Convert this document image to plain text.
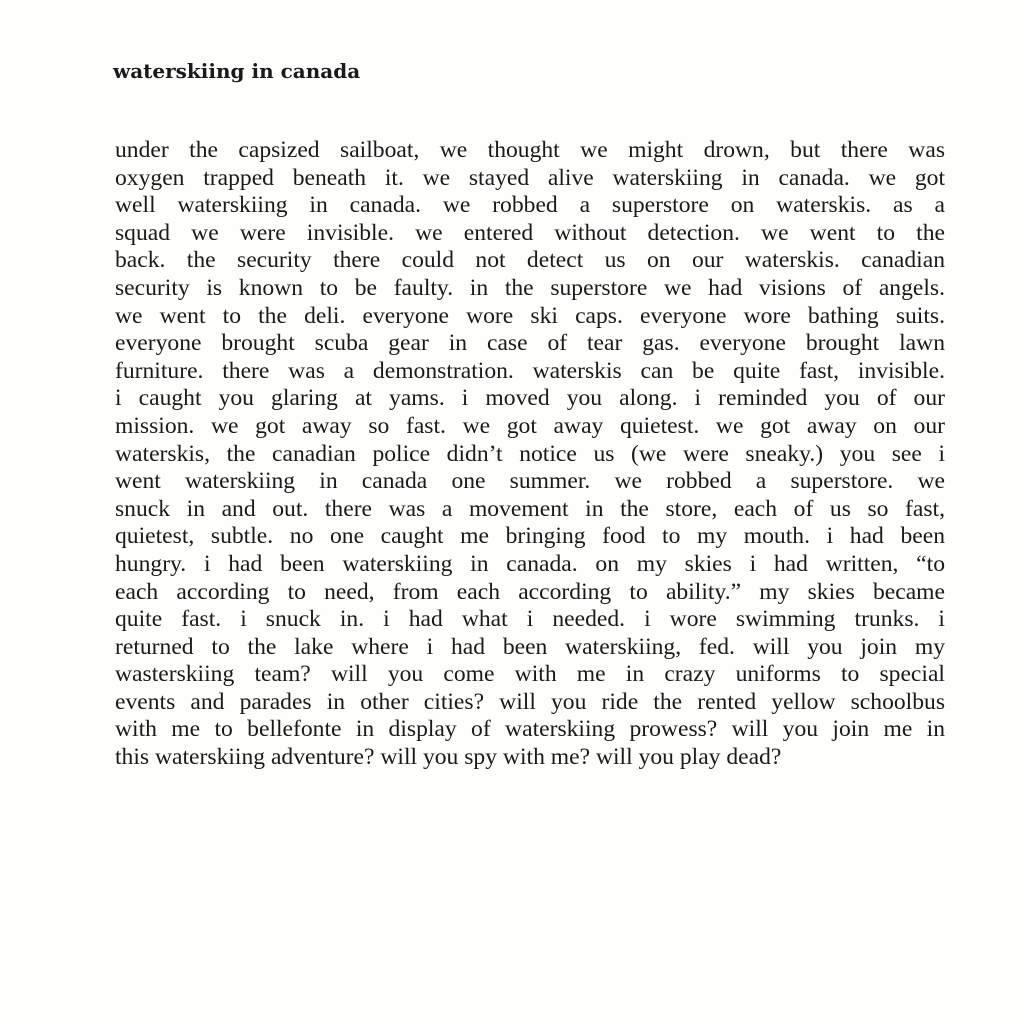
waterskiing in canada
under the capsized sailboat, we thought we might drown, but there was
oxygen trapped beneath it. we stayed alive waterskiing in canada. we got
well waterskiing in canada. we robbed a superstore on waterskis. as a
squad we were invisible. we entered without detection. we went to the
back. the security there could not detect us on our waterskis. canadian
security is known to be faulty. in the superstore we had visions of angels.
we went to the deli. everyone wore ski caps. everyone wore bathing suits.
everyone brought scuba gear in case of tear gas. everyone brought lawn
furniture. there was a demonstration. waterskis can be quite fast, invisible.
i caught you glaring at yams. i moved you along. i reminded you of our
mission. we got away so fast. we got away quietest. we got away on our
waterskis, the canadian police didn’t notice us (we were sneaky.) you see i
went waterskiing in canada one summer. we robbed a superstore. we
snuck in and out. there was a movement in the store, each of us so fast,
quietest, subtle. no one caught me bringing food to my mouth. i had been
hungry. i had been waterskiing in canada. on my skies i had written, “to
each according to need, from each according to ability.” my skies became
quite fast. i snuck in. i had what i needed. i wore swimming trunks. i
returned to the lake where i had been waterskiing, fed. will you join my
wasterskiing team? will you come with me in crazy uniforms to special
events and parades in other cities? will you ride the rented yellow schoolbus
with me to bellefonte in display of waterskiing prowess? will you join me in
this waterskiing adventure? will you spy with me? will you play dead?
